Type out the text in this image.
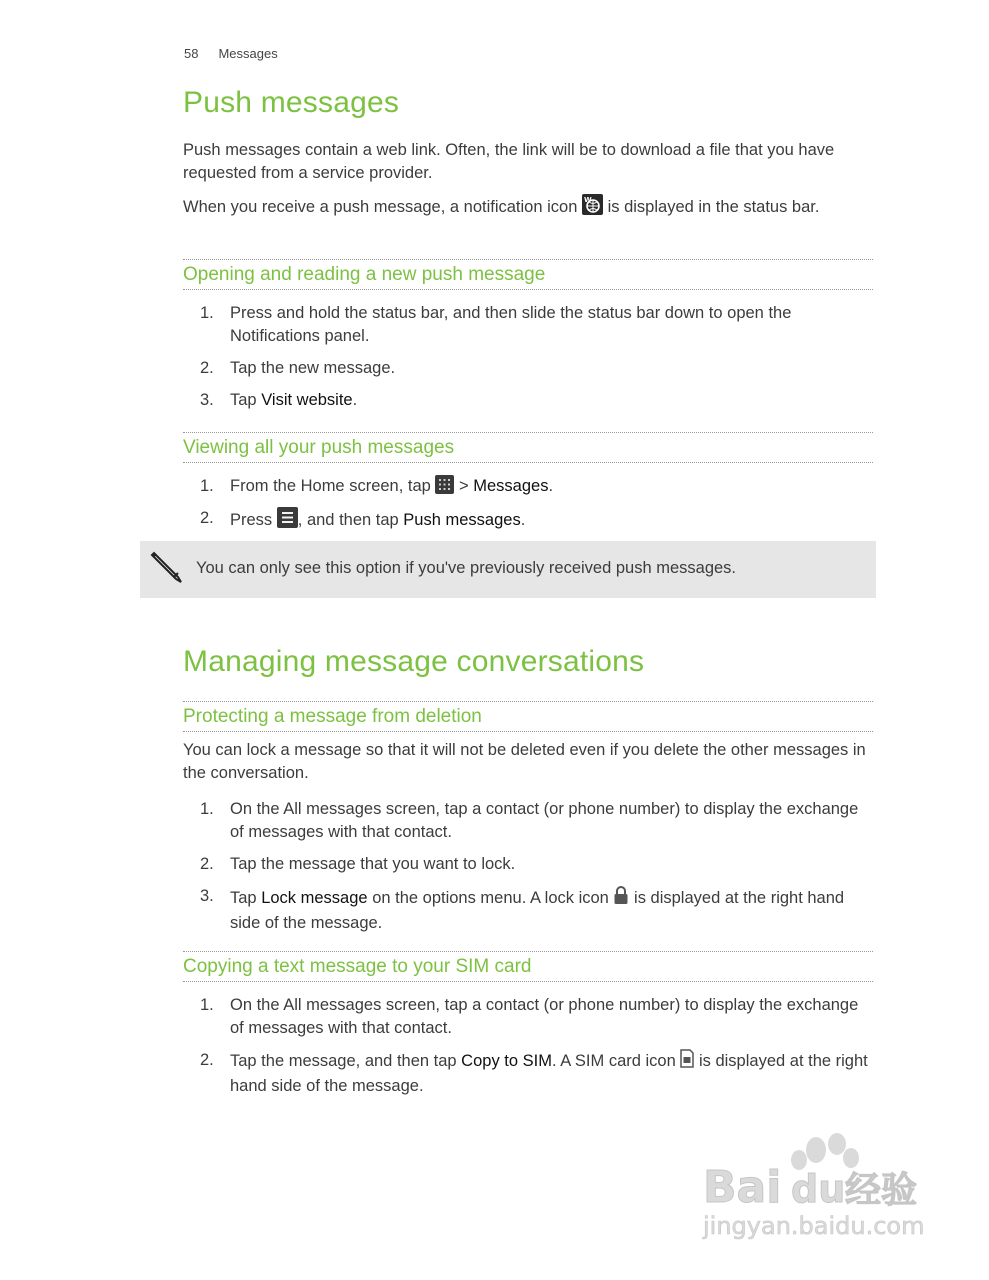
58 Messages
Push messages
Push messages contain a web link. Often, the link will be to download a file that you have requested from a service provider.
When you receive a push message, a notification icon W is displayed in the status bar.
Opening and reading a new push message
1. Press and hold the status bar, and then slide the status bar down to open the Notifications panel.
2. Tap the new message.
3. Tap Visit website.
Viewing all your push messages
1. From the Home screen, tap > Messages.
2. Press , and then tap Push messages.
You can only see this option if you've previously received push messages.
Managing message conversations
Protecting a message from deletion
You can lock a message so that it will not be deleted even if you delete the other messages in the conversation.
1. On the All messages screen, tap a contact (or phone number) to display the exchange of messages with that contact.
2. Tap the message that you want to lock.
3. Tap Lock message on the options menu. A lock icon is displayed at the right hand side of the message.
Copying a text message to your SIM card
1. On the All messages screen, tap a contact (or phone number) to display the exchange of messages with that contact.
2. Tap the message, and then tap Copy to SIM. A SIM card icon is displayed at the right hand side of the message.
Bai du 经验
jingyan.baidu.com
